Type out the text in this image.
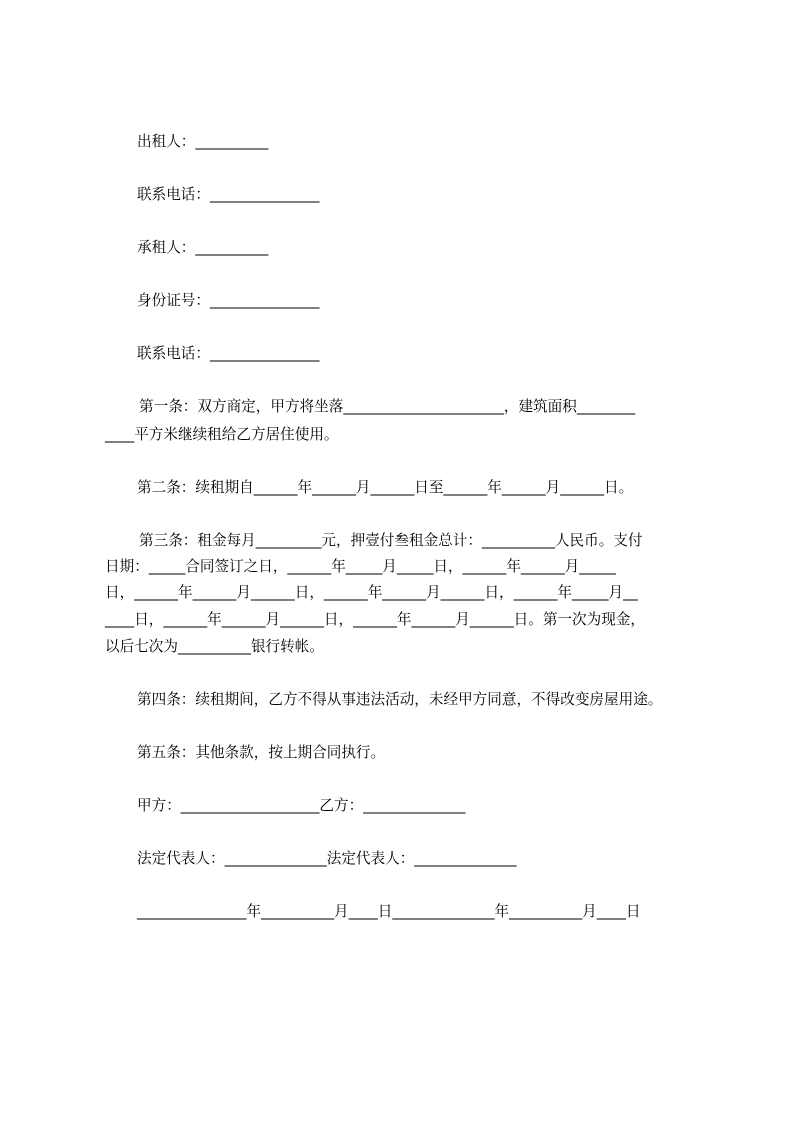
出租人：__________

联系电话：_______________

承租人：__________

身份证号：_______________

联系电话：_______________

第一条：双方商定，甲方将坐落______________________，建筑面积________

____平方米继续租给乙方居住使用。

第二条：续租期自______年______月______日至______年______月______日。

第三条：租金每月_________元，押壹付叁租金总计：__________人民币。支付

日期：_____合同签订之日，______年_____月_____日，______年______月_____

日，______年______月______日，______年______月______日，______年_____月__

____日，______年______月______日，______年______月______日。第一次为现金，

以后七次为__________银行转帐。

第四条：续租期间，乙方不得从事违法活动，未经甲方同意，不得改变房屋用途。

第五条：其他条款，按上期合同执行。

甲方：___________________乙方：______________

法定代表人：______________法定代表人：______________

_______________年__________月____日______________年__________月____日
